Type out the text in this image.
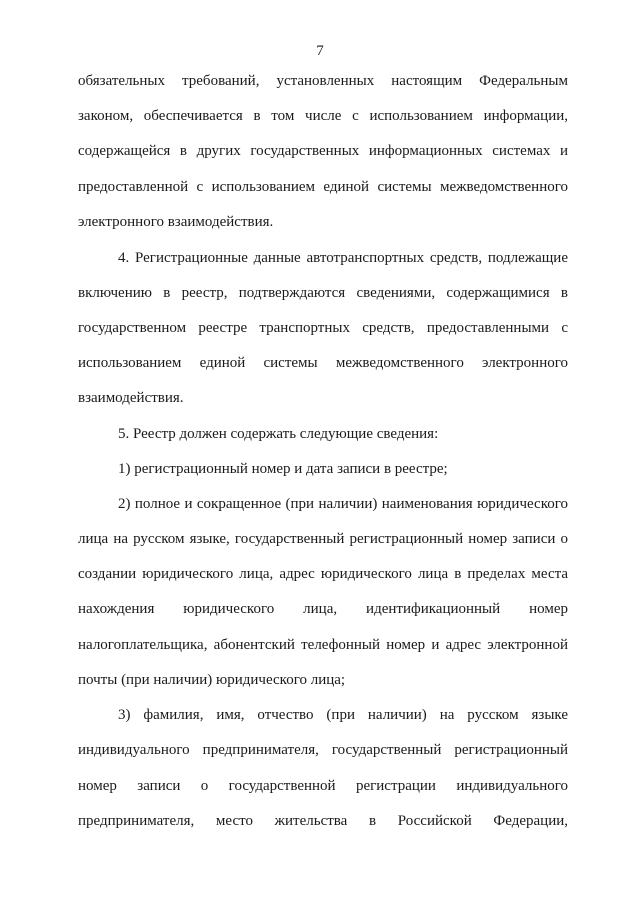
7
обязательных требований, установленных настоящим Федеральным
законом, обеспечивается в том числе с использованием информации,
содержащейся в других государственных информационных системах и
предоставленной с использованием единой системы межведомственного
электронного взаимодействия.
4. Регистрационные данные автотранспортных средств, подлежащие
включению в реестр, подтверждаются сведениями, содержащимися в
государственном реестре транспортных средств, предоставленными с
использованием единой системы межведомственного электронного
взаимодействия.
5. Реестр должен содержать следующие сведения:
1) регистрационный номер и дата записи в реестре;
2) полное и сокращенное (при наличии) наименования юридического
лица на русском языке, государственный регистрационный номер записи о
создании юридического лица, адрес юридического лица в пределах места
нахождения юридического лица, идентификационный номер
налогоплательщика, абонентский телефонный номер и адрес электронной
почты (при наличии) юридического лица;
3) фамилия, имя, отчество (при наличии) на русском языке
индивидуального предпринимателя, государственный регистрационный
номер записи о государственной регистрации индивидуального
предпринимателя, место жительства в Российской Федерации,
